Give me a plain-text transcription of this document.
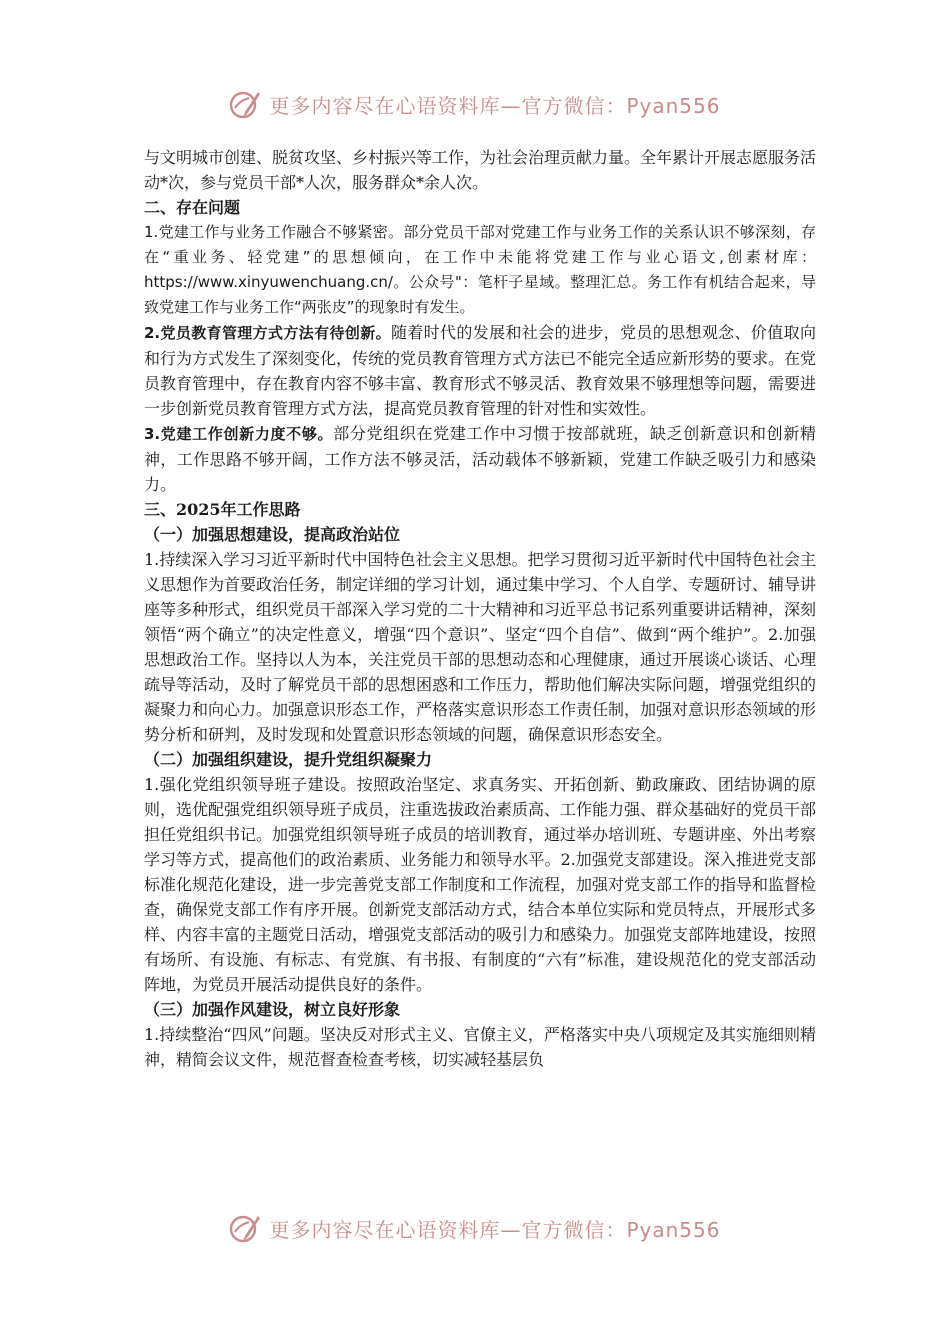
更多内容尽在心语资料库—官方微信：Pyan556

与文明城市创建、脱贫攻坚、乡村振兴等工作，为社会治理贡献力量。全年累计开展志愿服务活动*次，参与党员干部*人次，服务群众*余人次。

二、存在问题

1.党建工作与业务工作融合不够紧密。部分党员干部对党建工作与业务工作的关系认识不够深刻，存在“重业务、轻党建”的思想倾向，在工作中未能将党建工作与业心语文,创素材库：https://www.xinyuwenchuang.cn/。公众号"：笔杆子星域。整理汇总。务工作有机结合起来，导致党建工作与业务工作“两张皮”的现象时有发生。

2.党员教育管理方式方法有待创新。随着时代的发展和社会的进步，党员的思想观念、价值取向和行为方式发生了深刻变化，传统的党员教育管理方式方法已不能完全适应新形势的要求。在党员教育管理中，存在教育内容不够丰富、教育形式不够灵活、教育效果不够理想等问题，需要进一步创新党员教育管理方式方法，提高党员教育管理的针对性和实效性。

3.党建工作创新力度不够。部分党组织在党建工作中习惯于按部就班，缺乏创新意识和创新精神，工作思路不够开阔，工作方法不够灵活，活动载体不够新颖，党建工作缺乏吸引力和感染力。

三、2025年工作思路

（一）加强思想建设，提高政治站位

1.持续深入学习习近平新时代中国特色社会主义思想。把学习贯彻习近平新时代中国特色社会主义思想作为首要政治任务，制定详细的学习计划，通过集中学习、个人自学、专题研讨、辅导讲座等多种形式，组织党员干部深入学习党的二十大精神和习近平总书记系列重要讲话精神，深刻领悟“两个确立”的决定性意义，增强“四个意识”、坚定“四个自信”、做到“两个维护”。2.加强思想政治工作。坚持以人为本，关注党员干部的思想动态和心理健康，通过开展谈心谈话、心理疏导等活动，及时了解党员干部的思想困惑和工作压力，帮助他们解决实际问题，增强党组织的凝聚力和向心力。加强意识形态工作，严格落实意识形态工作责任制，加强对意识形态领域的形势分析和研判，及时发现和处置意识形态领域的问题，确保意识形态安全。

（二）加强组织建设，提升党组织凝聚力

1.强化党组织领导班子建设。按照政治坚定、求真务实、开拓创新、勤政廉政、团结协调的原则，选优配强党组织领导班子成员，注重选拔政治素质高、工作能力强、群众基础好的党员干部担任党组织书记。加强党组织领导班子成员的培训教育，通过举办培训班、专题讲座、外出考察学习等方式，提高他们的政治素质、业务能力和领导水平。2.加强党支部建设。深入推进党支部标准化规范化建设，进一步完善党支部工作制度和工作流程，加强对党支部工作的指导和监督检查，确保党支部工作有序开展。创新党支部活动方式，结合本单位实际和党员特点，开展形式多样、内容丰富的主题党日活动，增强党支部活动的吸引力和感染力。加强党支部阵地建设，按照有场所、有设施、有标志、有党旗、有书报、有制度的“六有”标准，建设规范化的党支部活动阵地，为党员开展活动提供良好的条件。

（三）加强作风建设，树立良好形象

1.持续整治“四风”问题。坚决反对形式主义、官僚主义，严格落实中央八项规定及其实施细则精神，精简会议文件，规范督查检查考核，切实减轻基层负

更多内容尽在心语资料库—官方微信：Pyan556
